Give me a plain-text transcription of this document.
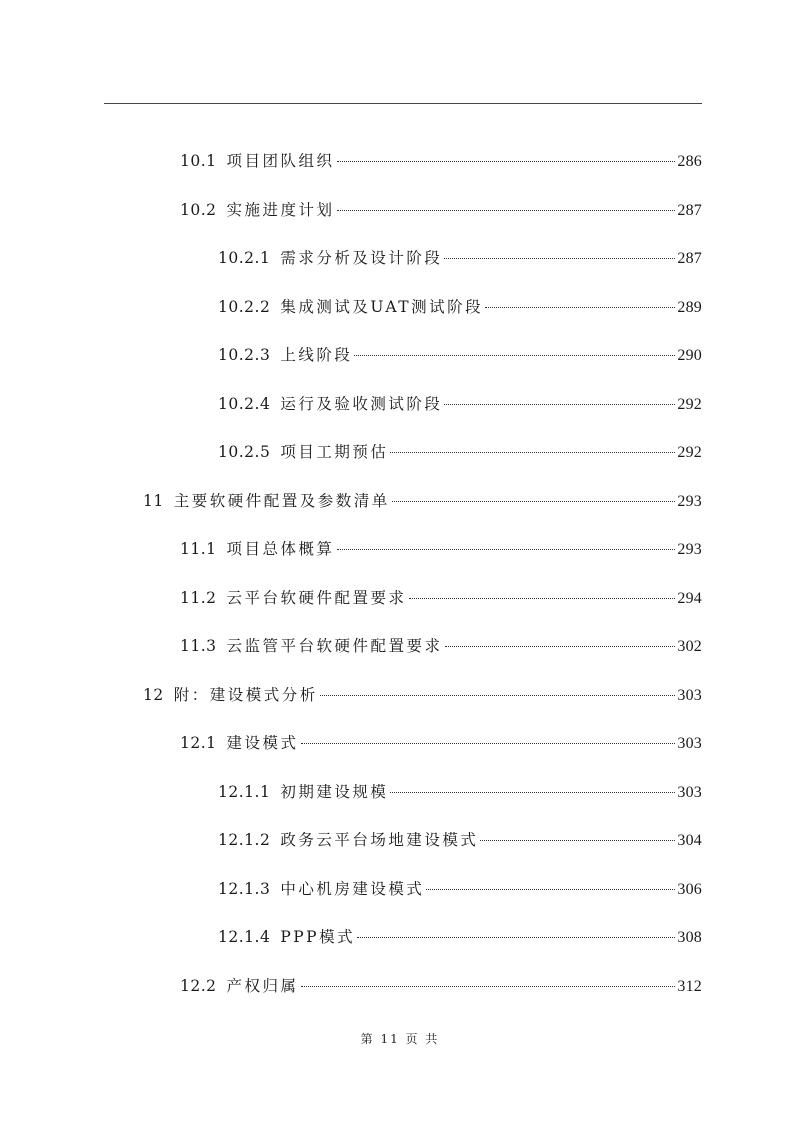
10.1 项目团队组织	286
10.2 实施进度计划	287
10.2.1 需求分析及设计阶段	287
10.2.2 集成测试及UAT测试阶段	289
10.2.3 上线阶段	290
10.2.4 运行及验收测试阶段	292
10.2.5 项目工期预估	292
11 主要软硬件配置及参数清单	293
11.1 项目总体概算	293
11.2 云平台软硬件配置要求	294
11.3 云监管平台软硬件配置要求	302
12 附：建设模式分析	303
12.1 建设模式	303
12.1.1 初期建设规模	303
12.1.2 政务云平台场地建设模式	304
12.1.3 中心机房建设模式	306
12.1.4 PPP模式	308
12.2 产权归属	312
第 11 页 共
